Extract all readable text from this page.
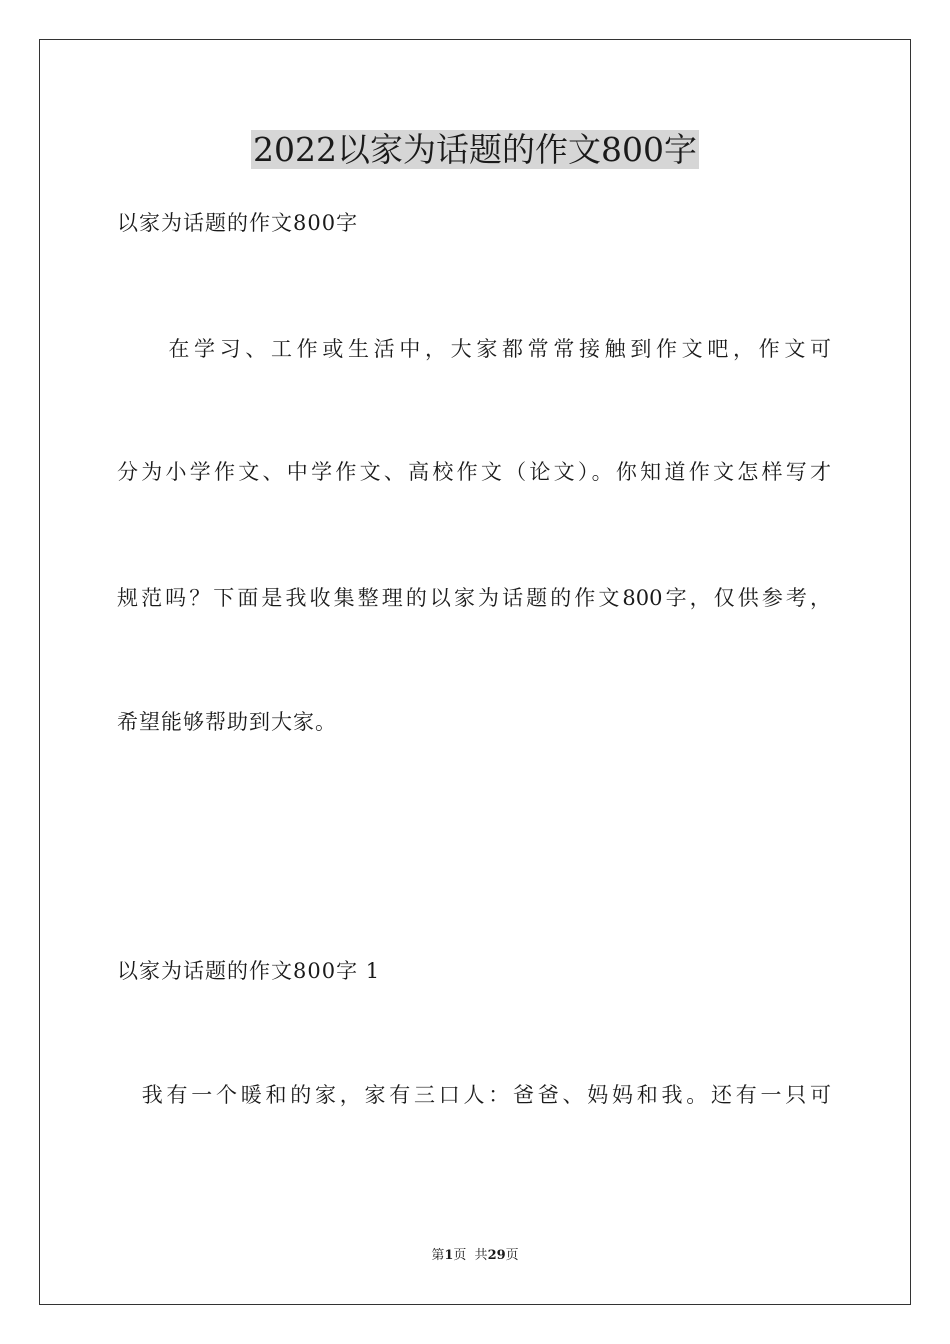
2022以家为话题的作文800字

以家为话题的作文800字

　　在学习、工作或生活中，大家都常常接触到作文吧，作文可

分为小学作文、中学作文、高校作文（论文）。你知道作文怎样写才

规范吗？下面是我收集整理的以家为话题的作文800字，仅供参考，

希望能够帮助到大家。

以家为话题的作文800字 1

　我有一个暖和的家，家有三口人：爸爸、妈妈和我。还有一只可

第1页 共29页
